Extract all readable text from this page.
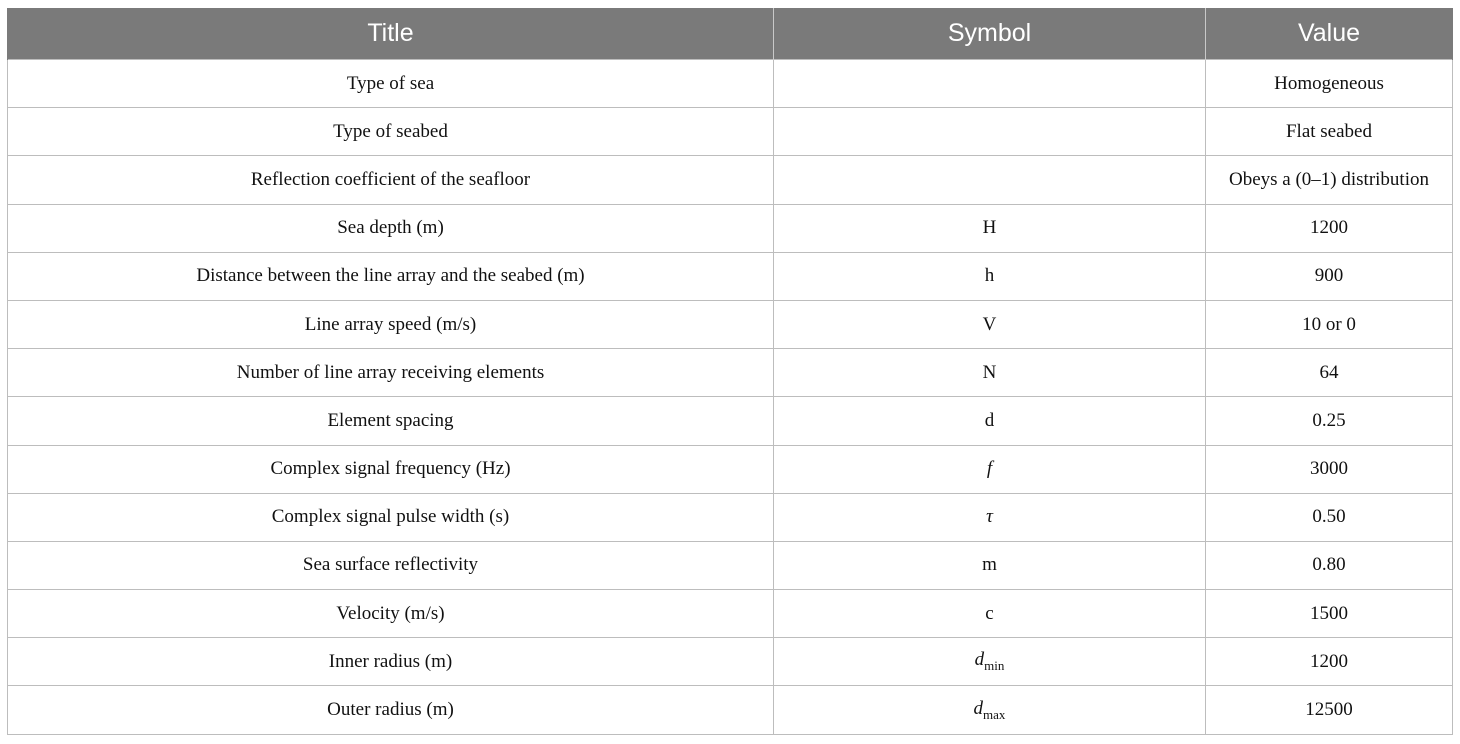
Title	Symbol	Value
Type of sea		Homogeneous
Type of seabed		Flat seabed
Reflection coefficient of the seafloor		Obeys a (0–1) distribution
Sea depth (m)	H	1200
Distance between the line array and the seabed (m)	h	900
Line array speed (m/s)	V	10 or 0
Number of line array receiving elements	N	64
Element spacing	d	0.25
Complex signal frequency (Hz)	f	3000
Complex signal pulse width (s)	τ	0.50
Sea surface reflectivity	m	0.80
Velocity (m/s)	c	1500
Inner radius (m)	$d_{min}$	1200
Outer radius (m)	$d_{max}$	12500
